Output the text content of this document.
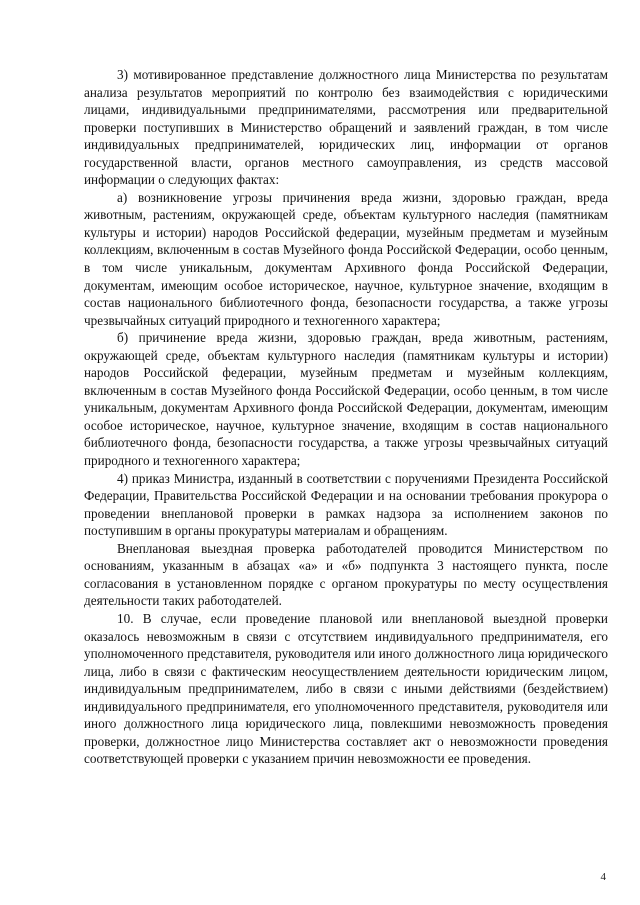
3) мотивированное представление должностного лица Министерства по результатам анализа результатов мероприятий по контролю без взаимодействия с юридическими лицами, индивидуальными предпринимателями, рассмотрения или предварительной проверки поступивших в Министерство обращений и заявлений граждан, в том числе индивидуальных предпринимателей, юридических лиц, информации от органов государственной власти, органов местного самоуправления, из средств массовой информации о следующих фактах:

а) возникновение угрозы причинения вреда жизни, здоровью граждан, вреда животным, растениям, окружающей среде, объектам культурного наследия (памятникам культуры и истории) народов Российской федерации, музейным предметам и музейным коллекциям, включенным в состав Музейного фонда Российской Федерации, особо ценным, в том числе уникальным, документам Архивного фонда Российской Федерации, документам, имеющим особое историческое, научное, культурное значение, входящим в состав национального библиотечного фонда, безопасности государства, а также угрозы чрезвычайных ситуаций природного и техногенного характера;

б) причинение вреда жизни, здоровью граждан, вреда животным, растениям, окружающей среде, объектам культурного наследия (памятникам культуры и истории) народов Российской федерации, музейным предметам и музейным коллекциям, включенным в состав Музейного фонда Российской Федерации, особо ценным, в том числе уникальным, документам Архивного фонда Российской Федерации, документам, имеющим особое историческое, научное, культурное значение, входящим в состав национального библиотечного фонда, безопасности государства, а также угрозы чрезвычайных ситуаций природного и техногенного характера;

4) приказ Министра, изданный в соответствии с поручениями Президента Российской Федерации, Правительства Российской Федерации и на основании требования прокурора о проведении внеплановой проверки в рамках надзора за исполнением законов по поступившим в органы прокуратуры материалам и обращениям.

Внеплановая выездная проверка работодателей проводится Министерством по основаниям, указанным в абзацах «а» и «б» подпункта 3 настоящего пункта, после согласования в установленном порядке с органом прокуратуры по месту осуществления деятельности таких работодателей.

10. В случае, если проведение плановой или внеплановой выездной проверки оказалось невозможным в связи с отсутствием индивидуального предпринимателя, его уполномоченного представителя, руководителя или иного должностного лица юридического лица, либо в связи с фактическим неосуществлением деятельности юридическим лицом, индивидуальным предпринимателем, либо в связи с иными действиями (бездействием) индивидуального предпринимателя, его уполномоченного представителя, руководителя или иного должностного лица юридического лица, повлекшими невозможность проведения проверки, должностное лицо Министерства составляет акт о невозможности проведения соответствующей проверки с указанием причин невозможности ее проведения.

4
